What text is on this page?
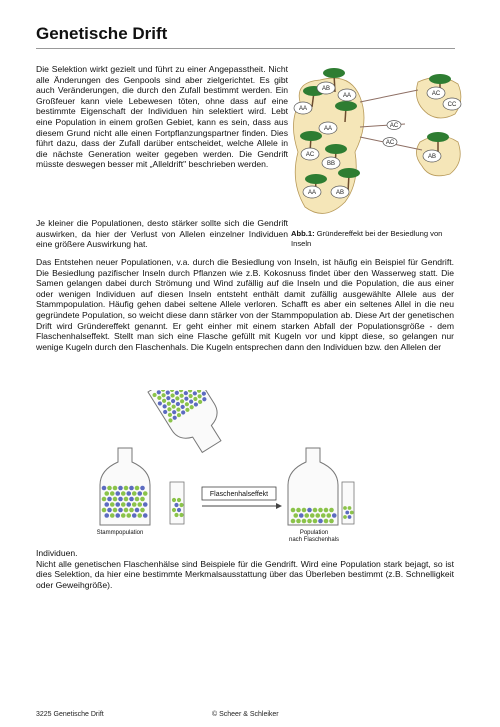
Genetische Drift

Die Selektion wirkt gezielt und führt zu einer Angepasstheit. Nicht alle Änderungen des Genpools sind aber zielgerichtet. Es gibt auch Veränderungen, die durch den Zufall bestimmt werden. Ein Großfeuer kann viele Lebewesen töten, ohne dass auf eine bestimmte Eigenschaft der Individuen hin selektiert wird. Lebt eine Population in einem großen Gebiet, kann es sein, dass aus diesem Grund nicht alle einen Fortpflanzungspartner finden. Dies führt dazu, dass der Zufall darüber entscheidet, welche Allele in die nächste Generation weiter gegeben werden. Die Gendrift müsste deswegen besser mit „Alleldrift" beschrieben werden.

Je kleiner die Populationen, desto stärker sollte sich die Gendrift auswirken, da hier der Verlust von Allelen einzelner Individuen eine größere Auswirkung hat.

AB
AA
AA
AA
AC
BB
AA	AB
AC
CC
AC
AC
AB
Abb.1: Gründereffekt bei der Besiedlung von Inseln

Das Entstehen neuer Populationen, v.a. durch die Besiedlung von Inseln, ist häufig ein Beispiel für Gendrift. Die Besiedlung pazifischer Inseln durch Pflanzen wie z.B. Kokosnuss findet über den Wasserweg statt. Die Samen gelangen dabei durch Strömung und Wind zufällig auf die Inseln und die Population, die aus einer oder wenigen Individuen auf diesen Inseln entsteht enthält damit zufällig ausgewählte Allele aus der Stammpopulation. Häufig gehen dabei seltene Allele verloren. Schafft es aber ein seltenes Allel in die neu gegründete Population, so weicht diese dann stärker von der Stammpopulation ab. Diese Art der genetischen Drift wird Gründereffekt genannt. Er geht einher mit einem starken Abfall der Populationsgröße - dem Flaschenhalseffekt. Stellt man sich eine Flasche gefüllt mit Kugeln vor und kippt diese, so gelangen nur wenige Kugeln durch den Flaschenhals. Die Kugeln entsprechen dann den Individuen bzw. den Allelen der

Flaschenhalseffekt
Stammpopulation	Population
nach Flaschenhals

Individuen.
Nicht alle genetischen Flaschenhälse sind Beispiele für die Gendrift. Wird eine Population stark bejagt, so ist dies Selektion, da hier eine bestimmte Merkmalsausstattung über das Überleben bestimmt (z.B. Schnelligkeit oder Geweihgröße).

3225 Genetische Drift	© Scheer & Schleiker
